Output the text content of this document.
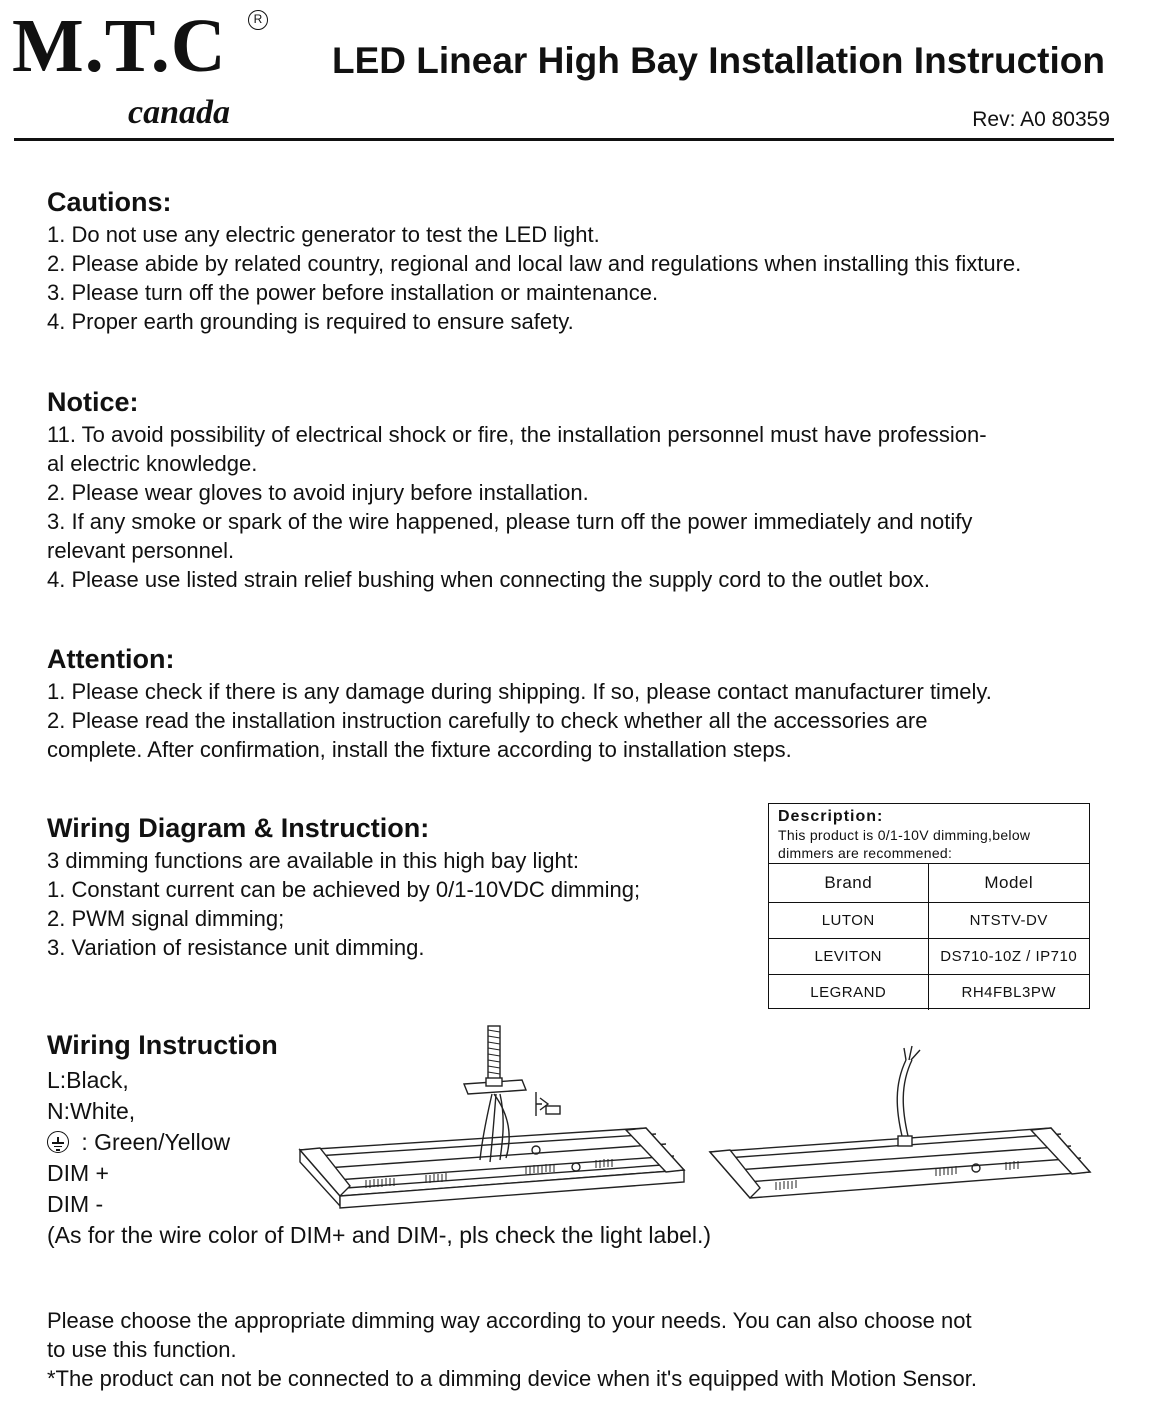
M.T.C	R
canada
LED Linear High Bay Installation Instruction
Rev: A0 80359
Cautions:
1. Do not use any electric generator to test the LED light.
2. Please abide by related country, regional and local law and regulations when installing this fixture.
3. Please turn off the power before installation or maintenance.
4. Proper earth grounding is required to ensure safety.
Notice:
11. To avoid possibility of electrical shock or fire, the installation personnel must have profession-
al electric knowledge.
2. Please wear gloves to avoid injury before installation.
3. If any smoke or spark of the wire happened, please turn off the power immediately and notify
relevant personnel.
4. Please use listed strain relief bushing when connecting the supply cord to the outlet box.
Attention:
1. Please check if there is any damage during shipping. If so, please contact manufacturer timely.
2. Please read the installation instruction carefully to check whether all the accessories are
complete. After confirmation, install the fixture according to installation steps.
Wiring Diagram & Instruction:
3 dimming functions are available in this high bay light:
1. Constant current can be achieved by 0/1-10VDC dimming;
2. PWM signal dimming;
3. Variation of resistance unit dimming.
Description:
This product is 0/1-10V dimming,below
dimmers are recommened:
Brand	Model
LUTON	NTSTV-DV
LEVITON	DS710-10Z / IP710
LEGRAND	RH4FBL3PW
Wiring Instruction
L:Black,
N:White,
: Green/Yellow
DIM +
DIM -
(As for the wire color of DIM+ and DIM-, pls check the light label.)
Please choose the appropriate dimming way according to your needs. You can also choose not
to use this function.
*The product can not be connected to a dimming device when it's equipped with Motion Sensor.
